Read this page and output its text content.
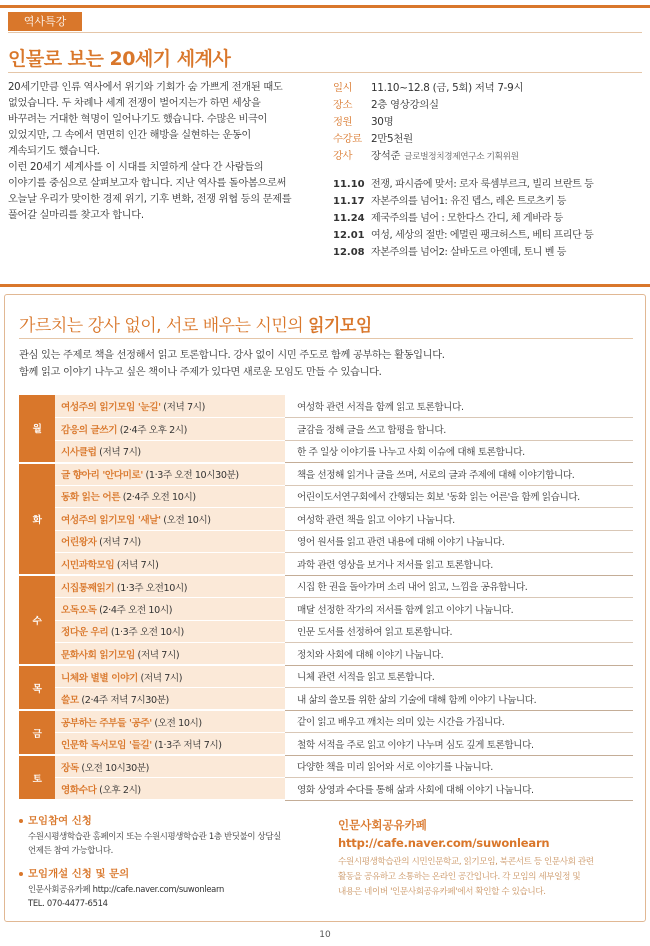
역사특강
인물로 보는 20세기 세계사

20세기만큼 인류 역사에서 위기와 기회가 숨 가쁘게 전개된 때도

없었습니다. 두 차례나 세계 전쟁이 벌어지는가 하면 세상을

바꾸려는 거대한 혁명이 일어나기도 했습니다. 수많은 비극이

있었지만, 그 속에서 면면히 인간 해방을 실현하는 운동이

계속되기도 했습니다.

이런 20세기 세계사를 이 시대를 치열하게 살다 간 사람들의

이야기를 중심으로 살펴보고자 합니다. 지난 역사를 돌아봄으로써

오늘날 우리가 맞이한 경제 위기, 기후 변화, 전쟁 위협 등의 문제를

풀어갈 실마리를 찾고자 합니다.

일시	11.10~12.8 (금, 5회) 저녁 7-9시
장소	2층 영상강의실
정원	30명
수강료 2만5천원
강사	장석준 글로벌정치경제연구소 기획위원
11.10 전쟁, 파시즘에 맞서: 로자 룩셈부르크, 빌리 브란트 등
11.17 자본주의를 넘어1: 유진 뎁스, 레온 트로츠키 등
11.24 제국주의를 넘어 : 모한다스 간디, 체 게바라 등
12.01 여성, 세상의 절반: 에멀린 팽크허스트, 베티 프리단 등
12.08 자본주의를 넘어2: 살바도르 아옌데, 토니 벤 등
가르치는 강사 없이, 서로 배우는 시민의 읽기모임
관심 있는 주제로 책을 선정해서 읽고 토론합니다. 강사 없이 시민 주도로 함께 공부하는 활동입니다.
함께 읽고 이야기 나누고 싶은 책이나 주제가 있다면 새로운 모임도 만들 수 있습니다.
월	여성주의 읽기모임 '눈길' (저녁 7시)	여성학 관련 서적을 함께 읽고 토론합니다.
	감응의 글쓰기 (2·4주 오후 2시)	글감을 정해 글을 쓰고 합평을 합니다.
	시사클럽 (저녁 7시)	한 주 일상 이야기를 나누고 사회 이슈에 대해 토론합니다.
화	글 향아리 '안다미로' (1·3주 오전 10시30분)	책을 선정해 읽거나 글을 쓰며, 서로의 글과 주제에 대해 이야기합니다.
	동화 읽는 어른 (2·4주 오전 10시)	어린이도서연구회에서 간행되는 회보 '동화 읽는 어른'을 함께 읽습니다.
	여성주의 읽기모임 '새날' (오전 10시)	여성학 관련 책을 읽고 이야기 나눕니다.
	어린왕자 (저녁 7시)	영어 원서를 읽고 관련 내용에 대해 이야기 나눕니다.
	시민과학모임 (저녁 7시)	과학 관련 영상을 보거나 저서를 읽고 토론합니다.
수	시집통째읽기 (1·3주 오전10시)	시집 한 권을 돌아가며 소리 내어 읽고, 느낌을 공유합니다.
	오독오독 (2·4주 오전 10시)	매달 선정한 작가의 저서를 함께 읽고 이야기 나눕니다.
	정다운 우리 (1·3주 오전 10시)	인문 도서를 선정하여 읽고 토론합니다.
	문화사회 읽기모임 (저녁 7시)	정치와 사회에 대해 이야기 나눕니다.
목	니체와 별별 이야기 (저녁 7시)	니체 관련 서적을 읽고 토론합니다.
	쓸모 (2·4주 저녁 7시30분)	내 삶의 쓸모를 위한 삶의 기술에 대해 함께 이야기 나눕니다.
금	공부하는 주부들 '공주' (오전 10시)	같이 읽고 배우고 깨치는 의미 있는 시간을 가집니다.
	인문학 독서모임 '들길' (1·3주 저녁 7시)	철학 서적을 주로 읽고 이야기 나누며 심도 깊게 토론합니다.
토	장독 (오전 10시30분)	다양한 책을 미리 읽어와 서로 이야기를 나눕니다.
	영화수다 (오후 2시)	영화 상영과 수다를 통해 삶과 사회에 대해 이야기 나눕니다.
모임참여 신청
수원시평생학습관 홈페이지 또는 수원시평생학습관 1층 반딧불이 상담실
언제든 참여 가능합니다.
모임개설 신청 및 문의
인문사회공유카페 http://cafe.naver.com/suwonlearn
TEL. 070-4477-6514
인문사회공유카페
http://cafe.naver.com/suwonlearn
수원시평생학습관의 시민인문학교, 읽기모임, 북콘서트 등 인문사회 관련
활동을 공유하고 소통하는 온라인 공간입니다. 각 모임의 세부일정 및
내용은 네이버 '인문사회공유카페'에서 확인할 수 있습니다.
10
